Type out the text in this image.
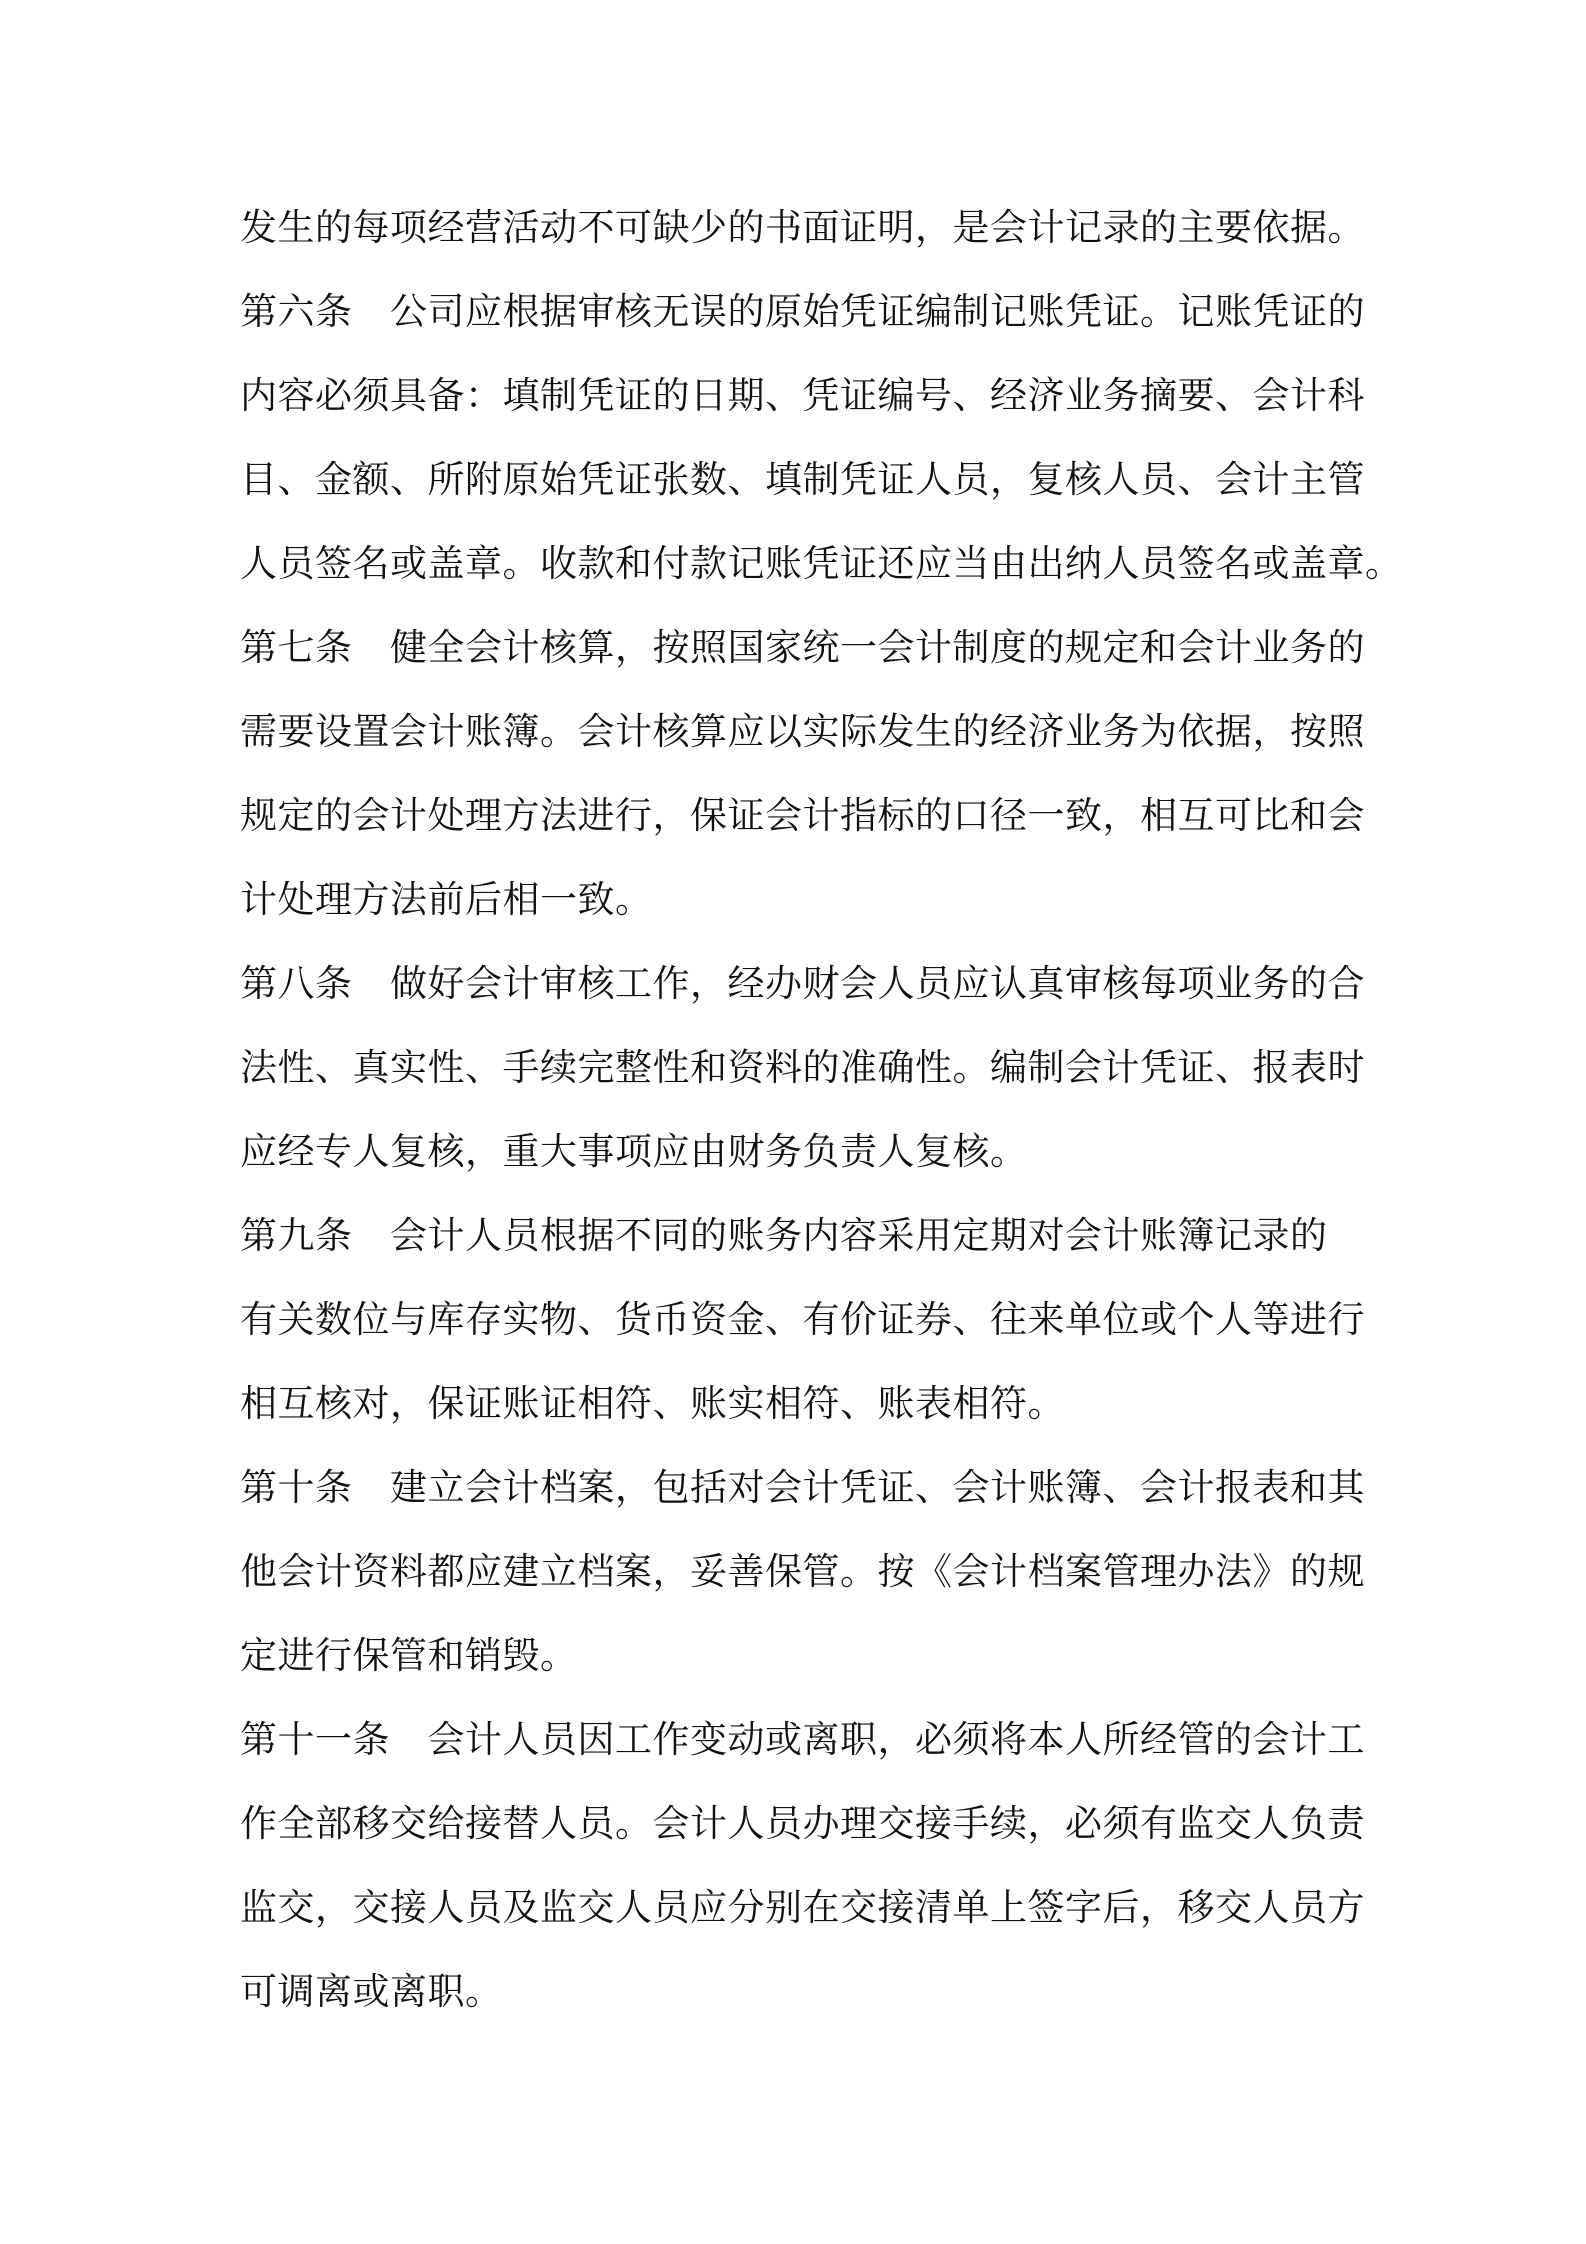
发生的每项经营活动不可缺少的书面证明，是会计记录的主要依据。
第六条　公司应根据审核无误的原始凭证编制记账凭证。记账凭证的
内容必须具备：填制凭证的日期、凭证编号、经济业务摘要、会计科
目、金额、所附原始凭证张数、填制凭证人员，复核人员、会计主管
人员签名或盖章。收款和付款记账凭证还应当由出纳人员签名或盖章。
第七条　健全会计核算，按照国家统一会计制度的规定和会计业务的
需要设置会计账簿。会计核算应以实际发生的经济业务为依据，按照
规定的会计处理方法进行，保证会计指标的口径一致，相互可比和会
计处理方法前后相一致。
第八条　做好会计审核工作，经办财会人员应认真审核每项业务的合
法性、真实性、手续完整性和资料的准确性。编制会计凭证、报表时
应经专人复核，重大事项应由财务负责人复核。
第九条　会计人员根据不同的账务内容采用定期对会计账簿记录的
有关数位与库存实物、货币资金、有价证券、往来单位或个人等进行
相互核对，保证账证相符、账实相符、账表相符。
第十条　建立会计档案，包括对会计凭证、会计账簿、会计报表和其
他会计资料都应建立档案，妥善保管。按《会计档案管理办法》的规
定进行保管和销毁。
第十一条　会计人员因工作变动或离职，必须将本人所经管的会计工
作全部移交给接替人员。会计人员办理交接手续，必须有监交人负责
监交，交接人员及监交人员应分别在交接清单上签字后，移交人员方
可调离或离职。
